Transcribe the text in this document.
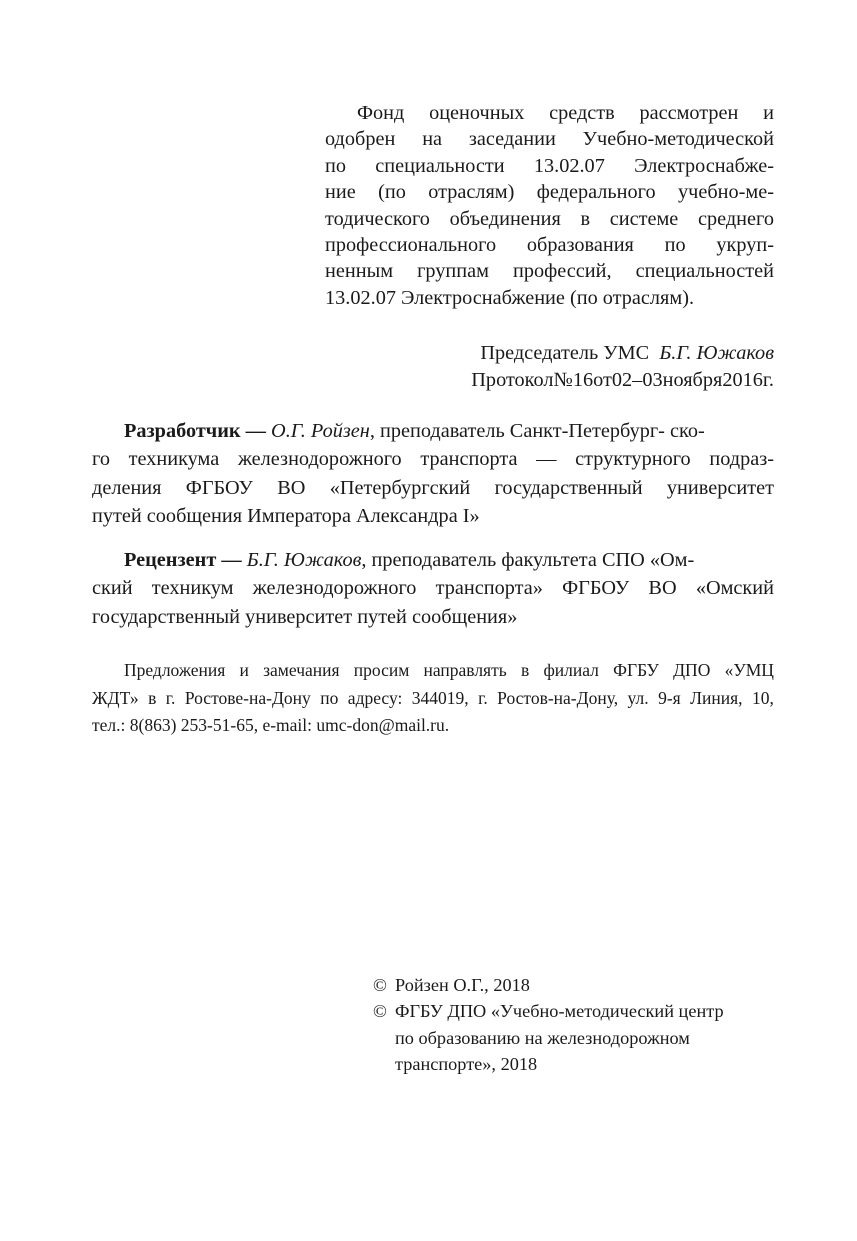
Фонд оценочных средств рассмотрен и
одобрен на заседании Учебно-методической
по специальности 13.02.07 Электроснабже-
ние (по отраслям) федерального учебно-ме-
тодического объединения в системе среднего
профессионального образования по укруп-
ненным группам профессий, специальностей
13.02.07 Электроснабжение (по отраслям).
Председатель УМС
Б.Г. Южаков
Протокол № 16 от 02–03 ноября 2016 г.
Разработчик — О.Г. Ройзен, преподаватель Санкт-Петербург- ско-
го техникума железнодорожного транспорта — структурного подраз-
деления ФГБОУ ВО «Петербургский государственный университет
путей сообщения Императора Александра I»
Рецензент — Б.Г. Южаков, преподаватель факультета СПО «Ом-
ский техникум железнодорожного транспорта» ФГБОУ ВО «Омский
государственный университет путей сообщения»
Предложения и замечания просим направлять в филиал ФГБУ ДПО «УМЦ
ЖДТ» в г. Ростове-на-Дону по адресу: 344019, г. Ростов-на-Дону, ул. 9-я Линия, 10,
тел.: 8(863) 253-51-65, e-mail: umc-don@mail.ru.
© Ройзен О.Г., 2018
© ФГБУ ДПО «Учебно-методический центр
по образованию на железнодорожном
транспорте», 2018
